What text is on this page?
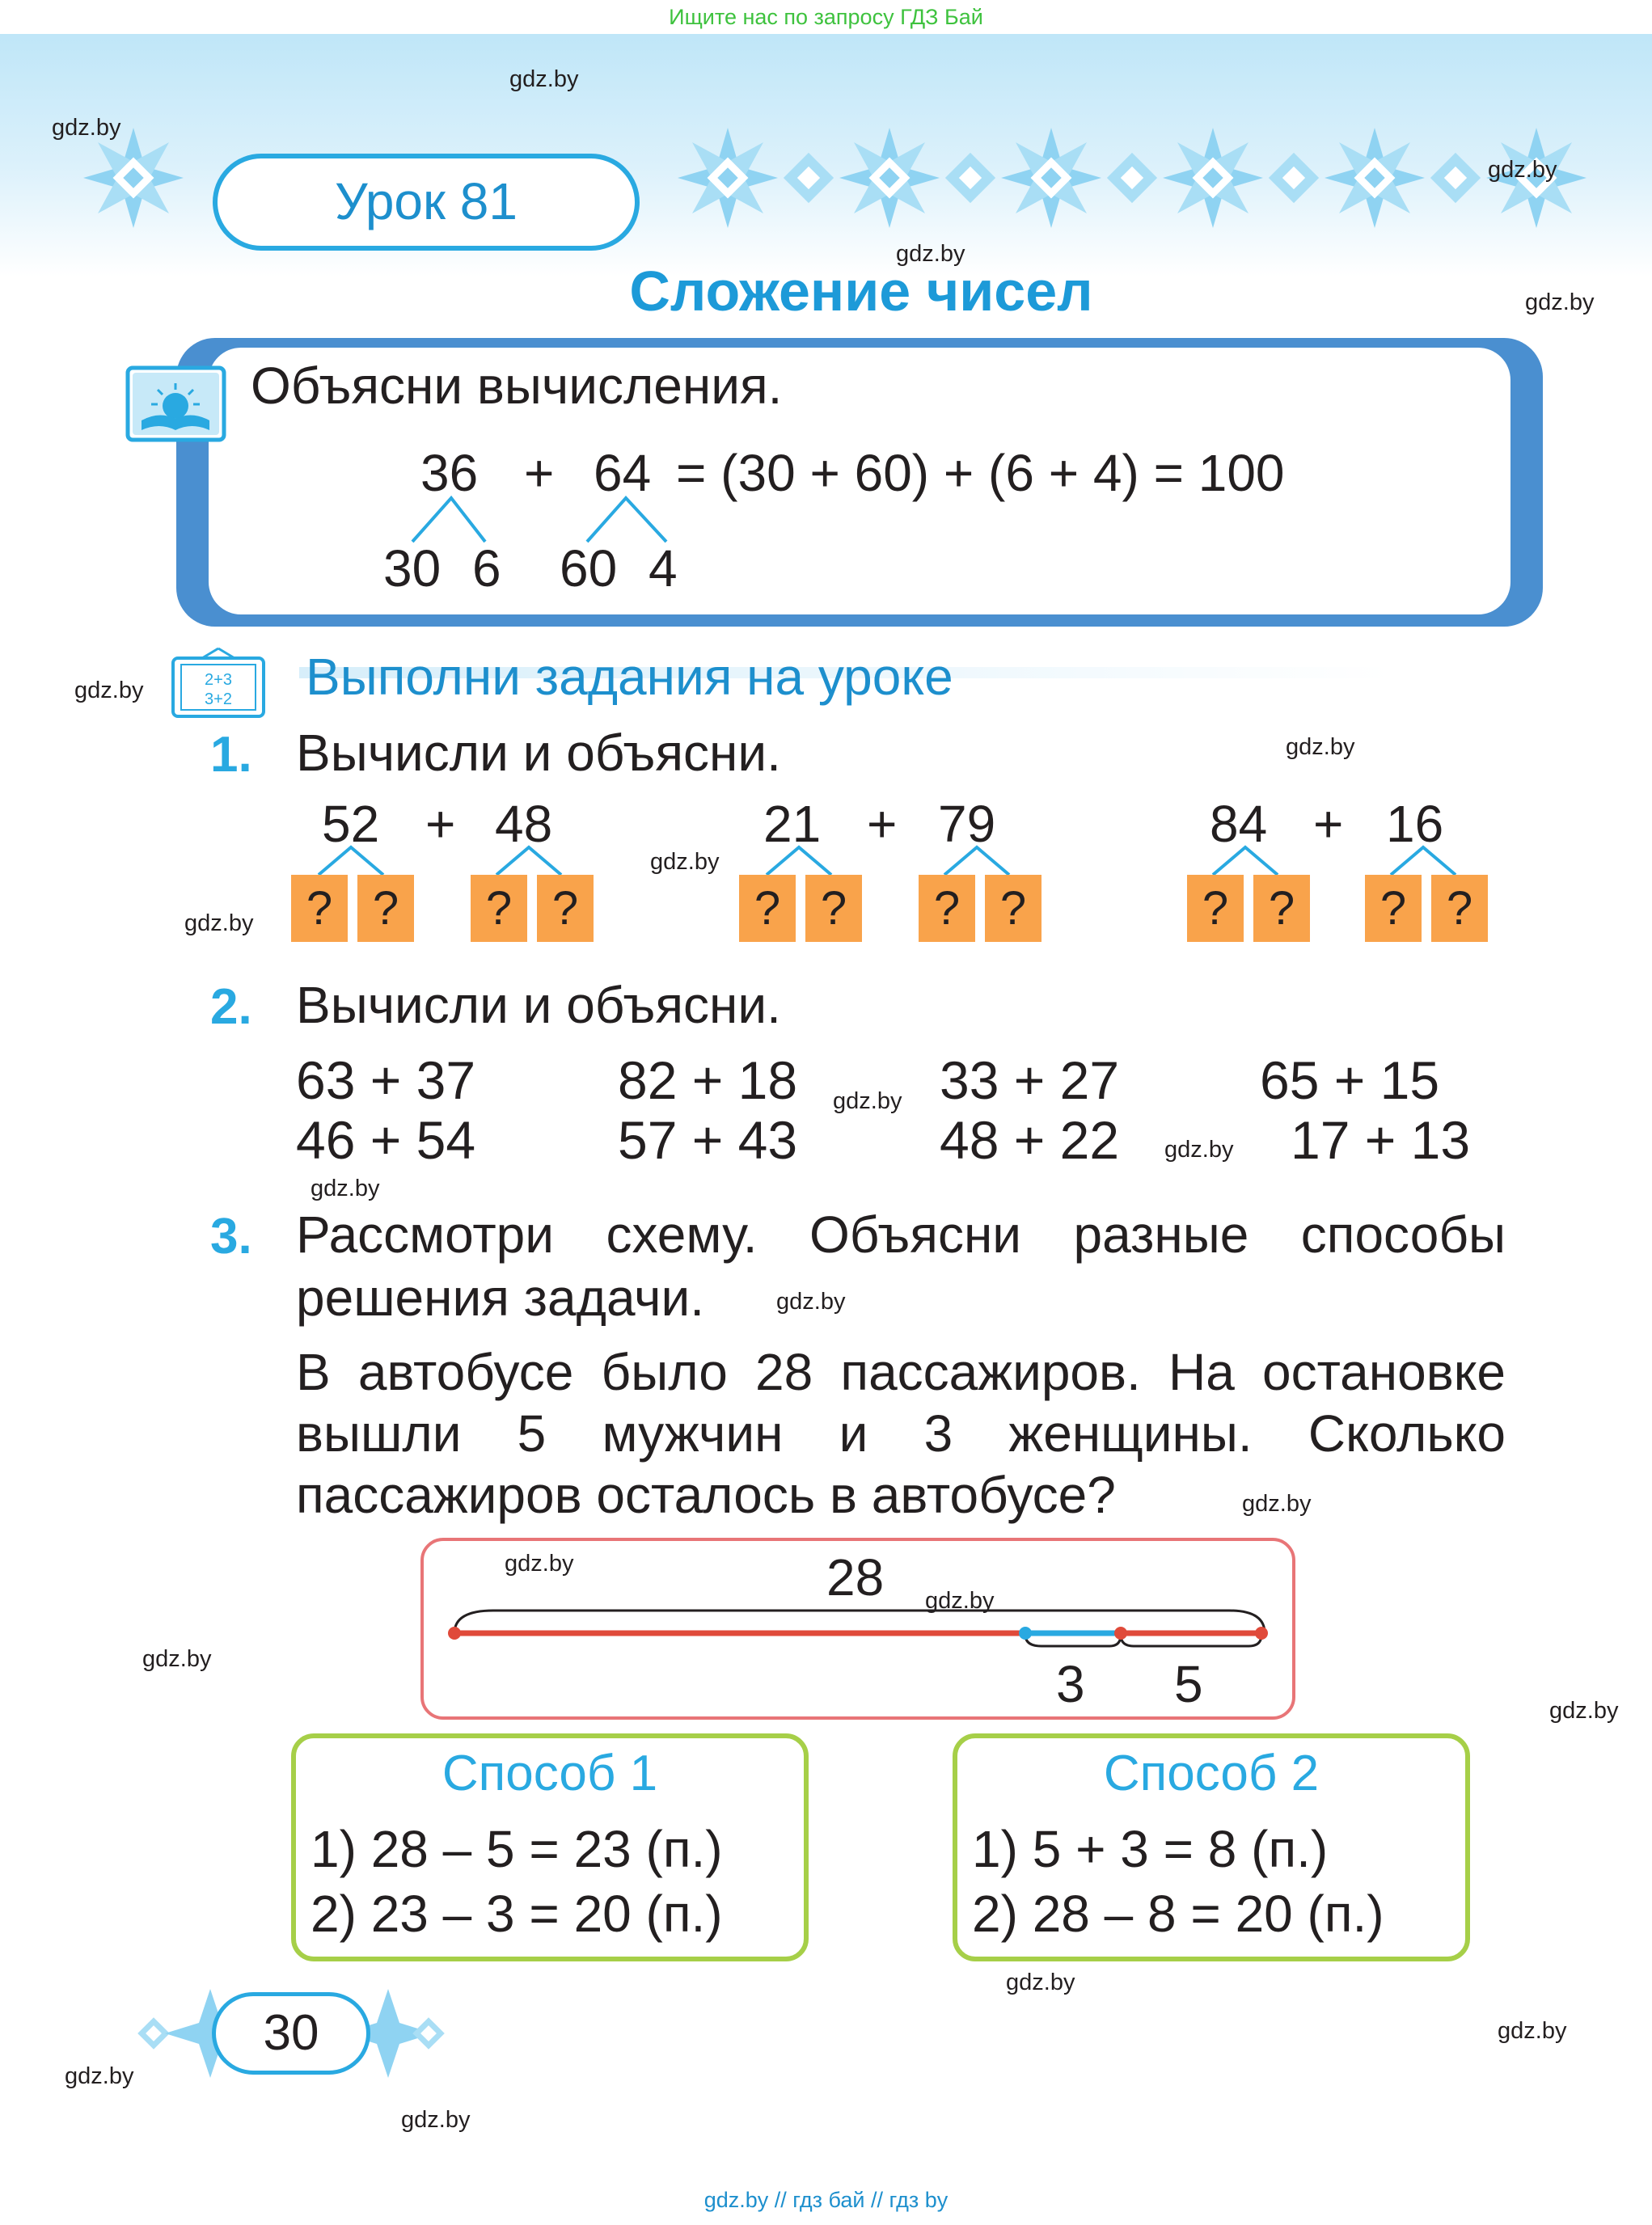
Ищите нас по запросу ГДЗ Бай
Урок 81
Сложение чисел
gdz.by
gdz.by
gdz.by
gdz.by
gdz.by
gdz.by
gdz.by
gdz.by
gdz.by
gdz.by
gdz.by
gdz.by
gdz.by
gdz.by
gdz.by
gdz.by
gdz.by
gdz.by
gdz.by
gdz.by
gdz.by
gdz.by
Объясни вычисления.
36 + 64 = (30 + 60) + (6 + 4) = 100
30 6 60 4
2+3
3+2 Выполни задания на уроке
1. Вычисли и объясни.
52 + 48	21 + 79	84 + 16
? ?	? ?	? ?	? ?	? ?	? ?
2. Вычисли и объясни.
63 + 37	82 + 18	33 + 27	65 + 15
46 + 54	57 + 43	48 + 22	17 + 13
3. Рассмотри схему. Объясни разные способы
решения задачи.
В автобусе было 28 пассажиров. На остановке
вышли 5 мужчин и 3 женщины. Сколько
пассажиров осталось в автобусе?
28
3 5
Способ 1
1) 28 – 5 = 23 (п.)
2) 23 – 3 = 20 (п.)
Способ 2
1) 5 + 3 = 8 (п.)
2) 28 – 8 = 20 (п.)
30
gdz.by // гдз бай // гдз by
